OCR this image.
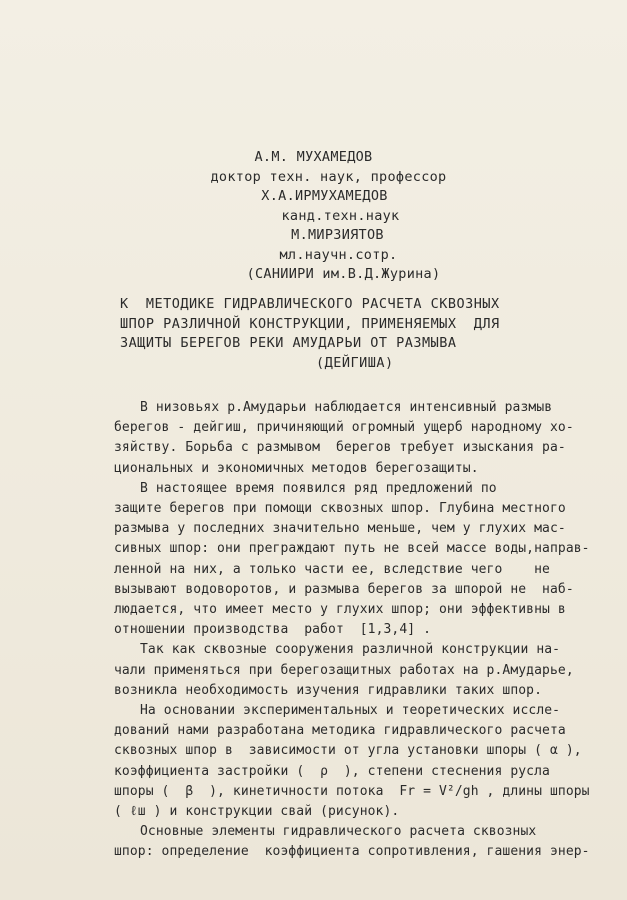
А.М. МУХАМЕДОВ
доктор техн. наук, профессор
Х.А.ИРМУХАМЕДОВ
канд.техн.наук
М.МИРЗИЯТОВ
мл.научн.сотр.
(САНИИРИ им.В.Д.Журина)
К  МЕТОДИКЕ ГИДРАВЛИЧЕСКОГО РАСЧЕТА СКВОЗНЫХ
ШПОР РАЗЛИЧНОЙ КОНСТРУКЦИИ, ПРИМЕНЯЕМЫХ  ДЛЯ
ЗАЩИТЫ БЕРЕГОВ РЕКИ АМУДАРЬИ ОТ РАЗМЫВА
(ДЕЙГИША)
В низовьях р.Амударьи наблюдается интенсивный размыв
берегов - дейгиш, причиняющий огромный ущерб народному хо-
зяйству. Борьба с размывом  берегов требует изыскания ра-
циональных и экономичных методов берегозащиты.
В настоящее время появился ряд предложений по
защите берегов при помощи сквозных шпор. Глубина местного
размыва у последних значительно меньше, чем у глухих мас-
сивных шпор: они преграждают путь не всей массе воды,направ-
ленной на них, а только части ее, вследствие чего    не
вызывают водоворотов, и размыва берегов за шпорой не  наб-
людается, что имеет место у глухих шпор; они эффективны в
отношении производства  работ  [1,3,4] .
Так как сквозные сооружения различной конструкции на-
чали применяться при берегозащитных работах на р.Амударье,
возникла необходимость изучения гидравлики таких шпор.
На основании экспериментальных и теоретических иссле-
дований нами разработана методика гидравлического расчета
сквозных шпор в  зависимости от угла установки шпоры ( α ),
коэффициента застройки (  ρ  ), степени стеснения русла
шпоры (  β  ), кинетичности потока  Fr = V²/gh , длины шпоры
( ℓш ) и конструкции свай (рисунок).
Основные элементы гидравлического расчета сквозных
шпор: определение  коэффициента сопротивления, гашения энер-
